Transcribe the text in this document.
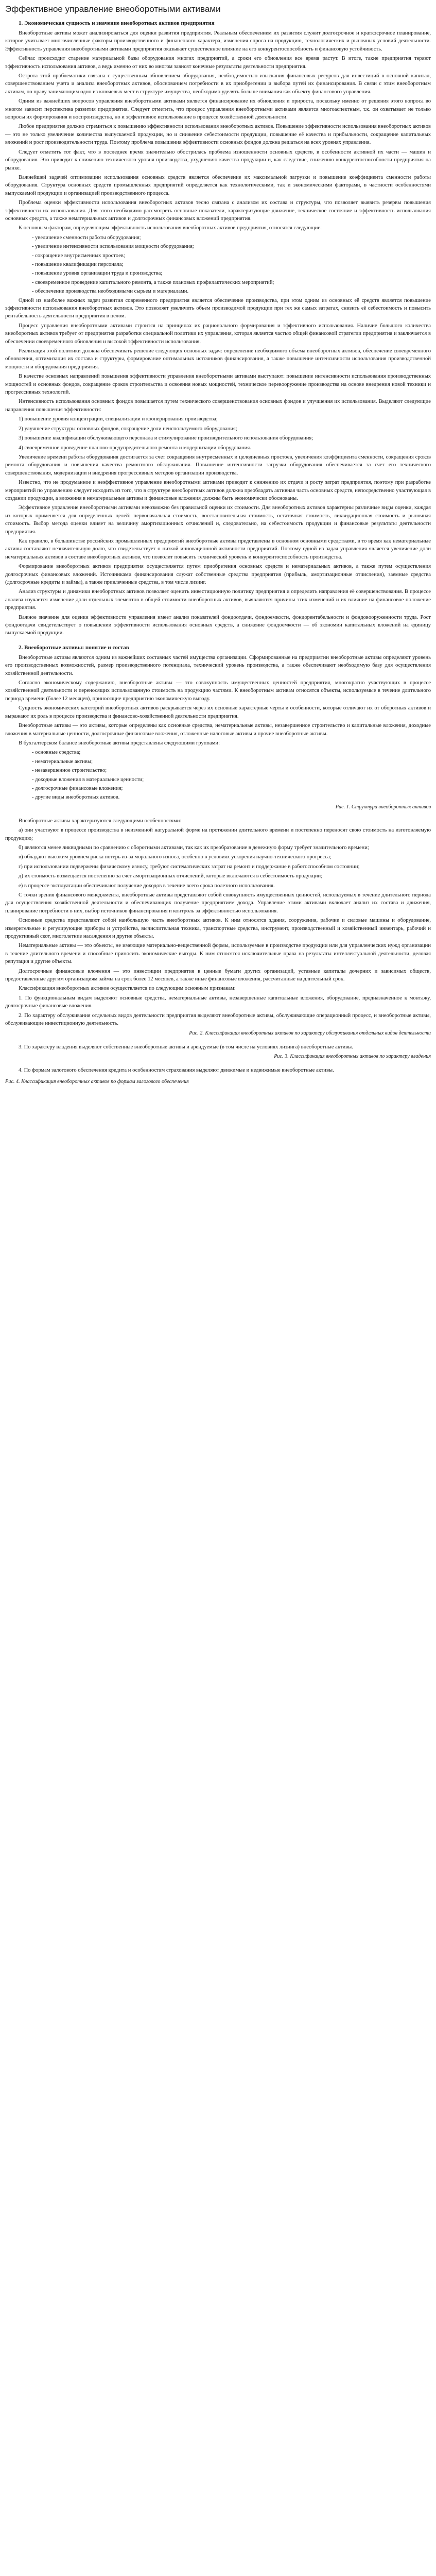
Эффективное управление внеоборотными активами

1. Экономическая сущность и значение внеоборотных активов предприятия

Внеоборотные активы может анализироваться для оценки развития предприятия. Реальным обеспечением их развития служит долгосрочное и краткосрочное планирование, которое учитывает многочисленные факторы производственного и финансового характера, изменения спроса на продукцию, технологических и рыночных условий деятельности. Эффективность управления внеоборотными активами предприятия оказывает существенное влияние на его конкурентоспособность и финансовую устойчивость.

Сейчас происходит старение материальной базы оборудования многих предприятий, а сроки его обновления все время растут. В итоге, такие предприятия теряют эффективность использования активов, а ведь именно от них во многом зависят конечные результаты деятельности предприятия.

Острота этой проблематики связана с существенным обновлением оборудования, необходимостью изыскания финансовых ресурсов для инвестиций в основной капитал, совершенствованием учета и анализа внеоборотных активов, обоснованием потребности в их приобретении и выбора путей их финансирования. В связи с этим внеоборотным активам, по праву занимающим одно из ключевых мест в структуре имущества, необходимо уделять больше внимания как объекту финансового управления.

Одним из важнейших вопросов управления внеоборотными активами является финансирование их обновления и прироста, поскольку именно от решения этого вопроса во многом зависит перспектива развития предприятия. Следует отметить, что процесс управления внеоборотными активами является многоаспектным, т.к. он охватывает не только вопросы их формирования и воспроизводства, но и эффективное использование в процессе хозяйственной деятельности.

Любое предприятие должно стремиться к повышению эффективности использования внеоборотных активов. Повышение эффективности использования внеоборотных активов — это не только увеличение количества выпускаемой продукции, но и снижение себестоимости продукции, повышение её качества и прибыльности, сокращение капитальных вложений и рост производительности труда. Поэтому проблема повышения эффективности основных фондов должна решаться на всех уровнях управления.

Следует отметить тот факт, что в последнее время значительно обострилась проблема изношенности основных средств, в особенности активной их части — машин и оборудования. Это приводит к снижению технического уровня производства, ухудшению качества продукции и, как следствие, снижению конкурентоспособности предприятия на рынке.

Важнейшей задачей оптимизации использования основных средств является обеспечение их максимальной загрузки и повышение коэффициента сменности работы оборудования. Структура основных средств промышленных предприятий определяется как технологическими, так и экономическими факторами, в частности особенностями выпускаемой продукции и организацией производственного процесса.

Проблема оценки эффективности использования внеоборотных активов тесно связана с анализом их состава и структуры, что позволяет выявить резервы повышения эффективности их использования. Для этого необходимо рассмотреть основные показатели, характеризующие движение, техническое состояние и эффективность использования основных средств, а также нематериальных активов и долгосрочных финансовых вложений предприятия.

К основным факторам, определяющим эффективность использования внеоборотных активов предприятия, относятся следующие:

- увеличение сменности работы оборудования;

- увеличение интенсивности использования мощности оборудования;

- сокращение внутрисменных простоев;

- повышение квалификации персонала;

- повышение уровня организации труда и производства;

- своевременное проведение капитального ремонта, а также плановых профилактических мероприятий;

- обеспечение производства необходимыми сырьем и материалами.

Одной из наиболее важных задач развития современного предприятия является обеспечение производства, при этом одним из основных её средств является повышение эффективности использования внеоборотных активов. Это позволяет увеличить объем производимой продукции при тех же самых затратах, снизить её себестоимость и повысить рентабельность деятельности предприятия в целом.

Процесс управления внеоборотными активами строится на принципах их рационального формирования и эффективного использования. Наличие большого количества внеоборотных активов требует от предприятия разработки специальной политики их управления, которая является частью общей финансовой стратегии предприятия и заключается в обеспечении своевременного обновления и высокой эффективности использования.

Реализация этой политики должна обеспечивать решение следующих основных задач: определение необходимого объема внеоборотных активов, обеспечение своевременного обновления, оптимизация их состава и структуры, формирование оптимальных источников финансирования, а также повышение интенсивности использования производственной мощности и оборудования предприятия.

В качестве основных направлений повышения эффективности управления внеоборотными активами выступают: повышение интенсивности использования производственных мощностей и основных фондов, сокращение сроков строительства и освоения новых мощностей, техническое перевооружение производства на основе внедрения новой техники и прогрессивных технологий.

Интенсивность использования основных фондов повышается путем технического совершенствования основных фондов и улучшения их использования. Выделяют следующие направления повышения эффективности:

1) повышение уровня концентрации, специализации и кооперирования производства;

2) улучшение структуры основных фондов, сокращение доли неиспользуемого оборудования;

3) повышение квалификации обслуживающего персонала и стимулирование производительного использования оборудования;

4) своевременное проведение планово-предупредительного ремонта и модернизации оборудования.

Увеличение времени работы оборудования достигается за счет сокращения внутрисменных и целодневных простоев, увеличения коэффициента сменности, сокращения сроков ремонта оборудования и повышения качества ремонтного обслуживания. Повышение интенсивности загрузки оборудования обеспечивается за счет его технического совершенствования, модернизации и внедрения прогрессивных методов организации производства.

Известно, что не продуманное и неэффективное управление внеоборотными активами приводит к снижению их отдачи и росту затрат предприятия, поэтому при разработке мероприятий по управлению следует исходить из того, что в структуре внеоборотных активов должна преобладать активная часть основных средств, непосредственно участвующая в создании продукции, а вложения в нематериальные активы и финансовые вложения должны быть экономически обоснованы.

Эффективное управление внеоборотными активами невозможно без правильной оценки их стоимости. Для внеоборотных активов характерны различные виды оценки, каждая из которых применяется для определенных целей: первоначальная стоимость, восстановительная стоимость, остаточная стоимость, ликвидационная стоимость и рыночная стоимость. Выбор метода оценки влияет на величину амортизационных отчислений и, следовательно, на себестоимость продукции и финансовые результаты деятельности предприятия.

Как правило, в большинстве российских промышленных предприятий внеоборотные активы представлены в основном основными средствами, в то время как нематериальные активы составляют незначительную долю, что свидетельствует о низкой инновационной активности предприятий. Поэтому одной из задач управления является увеличение доли нематериальных активов в составе внеоборотных активов, что позволит повысить технический уровень и конкурентоспособность производства.

Формирование внеоборотных активов предприятия осуществляется путем приобретения основных средств и нематериальных активов, а также путем осуществления долгосрочных финансовых вложений. Источниками финансирования служат собственные средства предприятия (прибыль, амортизационные отчисления), заемные средства (долгосрочные кредиты и займы), а также привлеченные средства, в том числе лизинг.

Анализ структуры и динамики внеоборотных активов позволяет оценить инвестиционную политику предприятия и определить направления её совершенствования. В процессе анализа изучается изменение доли отдельных элементов в общей стоимости внеоборотных активов, выявляются причины этих изменений и их влияние на финансовое положение предприятия.

Важное значение для оценки эффективности управления имеет анализ показателей фондоотдачи, фондоемкости, фондорентабельности и фондовооруженности труда. Рост фондоотдачи свидетельствует о повышении эффективности использования основных средств, а снижение фондоемкости — об экономии капитальных вложений на единицу выпускаемой продукции.

2. Внеоборотные активы: понятие и состав

Внеоборотные активы являются одним из важнейших составных частей имущества организации. Сформированные на предприятии внеоборотные активы определяют уровень его производственных возможностей, размер производственного потенциала, технический уровень производства, а также обеспечивают необходимую базу для осуществления хозяйственной деятельности.

Согласно экономическому содержанию, внеоборотные активы — это совокупность имущественных ценностей предприятия, многократно участвующих в процессе хозяйственной деятельности и переносящих использованную стоимость на продукцию частями. К внеоборотным активам относятся объекты, используемые в течение длительного периода времени (более 12 месяцев), приносящие предприятию экономическую выгоду.

Сущность экономических категорий внеоборотных активов раскрывается через их основные характерные черты и особенности, которые отличают их от оборотных активов и выражают их роль в процессе производства и финансово-хозяйственной деятельности предприятия.

Внеоборотные активы — это активы, которые определены как основные средства, нематериальные активы, незавершенное строительство и капитальные вложения, доходные вложения в материальные ценности, долгосрочные финансовые вложения, отложенные налоговые активы и прочие внеоборотные активы.

В бухгалтерском балансе внеоборотные активы представлены следующими группами:

- основные средства;

- нематериальные активы;

- незавершенное строительство;

- доходные вложения в материальные ценности;

- долгосрочные финансовые вложения;

- другие виды внеоборотных активов.

Рис. 1. Структура внеоборотных активов

Внеоборотные активы характеризуются следующими особенностями:

а) они участвуют в процессе производства в неизменной натуральной форме на протяжении длительного времени и постепенно переносят свою стоимость на изготовляемую продукцию;

б) являются менее ликвидными по сравнению с оборотными активами, так как их преобразование в денежную форму требует значительного времени;

в) обладают высоким уровнем риска потерь из-за морального износа, особенно в условиях ускорения научно-технического прогресса;

г) при использовании подвержены физическому износу, требуют систематических затрат на ремонт и поддержание в работоспособном состоянии;

д) их стоимость возмещается постепенно за счет амортизационных отчислений, которые включаются в себестоимость продукции;

е) в процессе эксплуатации обеспечивают получение доходов в течение всего срока полезного использования.

С точки зрения финансового менеджмента, внеоборотные активы представляют собой совокупность имущественных ценностей, используемых в течение длительного периода для осуществления хозяйственной деятельности и обеспечивающих получение предприятием дохода. Управление этими активами включает анализ их состава и движения, планирование потребности в них, выбор источников финансирования и контроль за эффективностью использования.

Основные средства представляют собой наибольшую часть внеоборотных активов. К ним относятся здания, сооружения, рабочие и силовые машины и оборудование, измерительные и регулирующие приборы и устройства, вычислительная техника, транспортные средства, инструмент, производственный и хозяйственный инвентарь, рабочий и продуктивный скот, многолетние насаждения и другие объекты.

Нематериальные активы — это объекты, не имеющие материально-вещественной формы, используемые в производстве продукции или для управленческих нужд организации в течение длительного времени и способные приносить экономические выгоды. К ним относятся исключительные права на результаты интеллектуальной деятельности, деловая репутация и другие объекты.

Долгосрочные финансовые вложения — это инвестиции предприятия в ценные бумаги других организаций, уставные капиталы дочерних и зависимых обществ, предоставленные другим организациям займы на срок более 12 месяцев, а также иные финансовые вложения, рассчитанные на длительный срок.

Классификация внеоборотных активов осуществляется по следующим основным признакам:

1. По функциональным видам выделяют основные средства, нематериальные активы, незавершенные капитальные вложения, оборудование, предназначенное к монтажу, долгосрочные финансовые вложения.

2. По характеру обслуживания отдельных видов деятельности предприятия выделяют внеоборотные активы, обслуживающие операционный процесс, и внеоборотные активы, обслуживающие инвестиционную деятельность.

Рис. 2. Классификация внеоборотных активов по характеру обслуживания отдельных видов деятельности

3. По характеру владения выделяют собственные внеоборотные активы и арендуемые (в том числе на условиях лизинга) внеоборотные активы.

Рис. 3. Классификация внеоборотных активов по характеру владения

4. По формам залогового обеспечения кредита и особенностям страхования выделяют движимые и недвижимые внеоборотные активы.

Рис. 4. Классификация внеоборотных активов по формам залогового обеспечения
